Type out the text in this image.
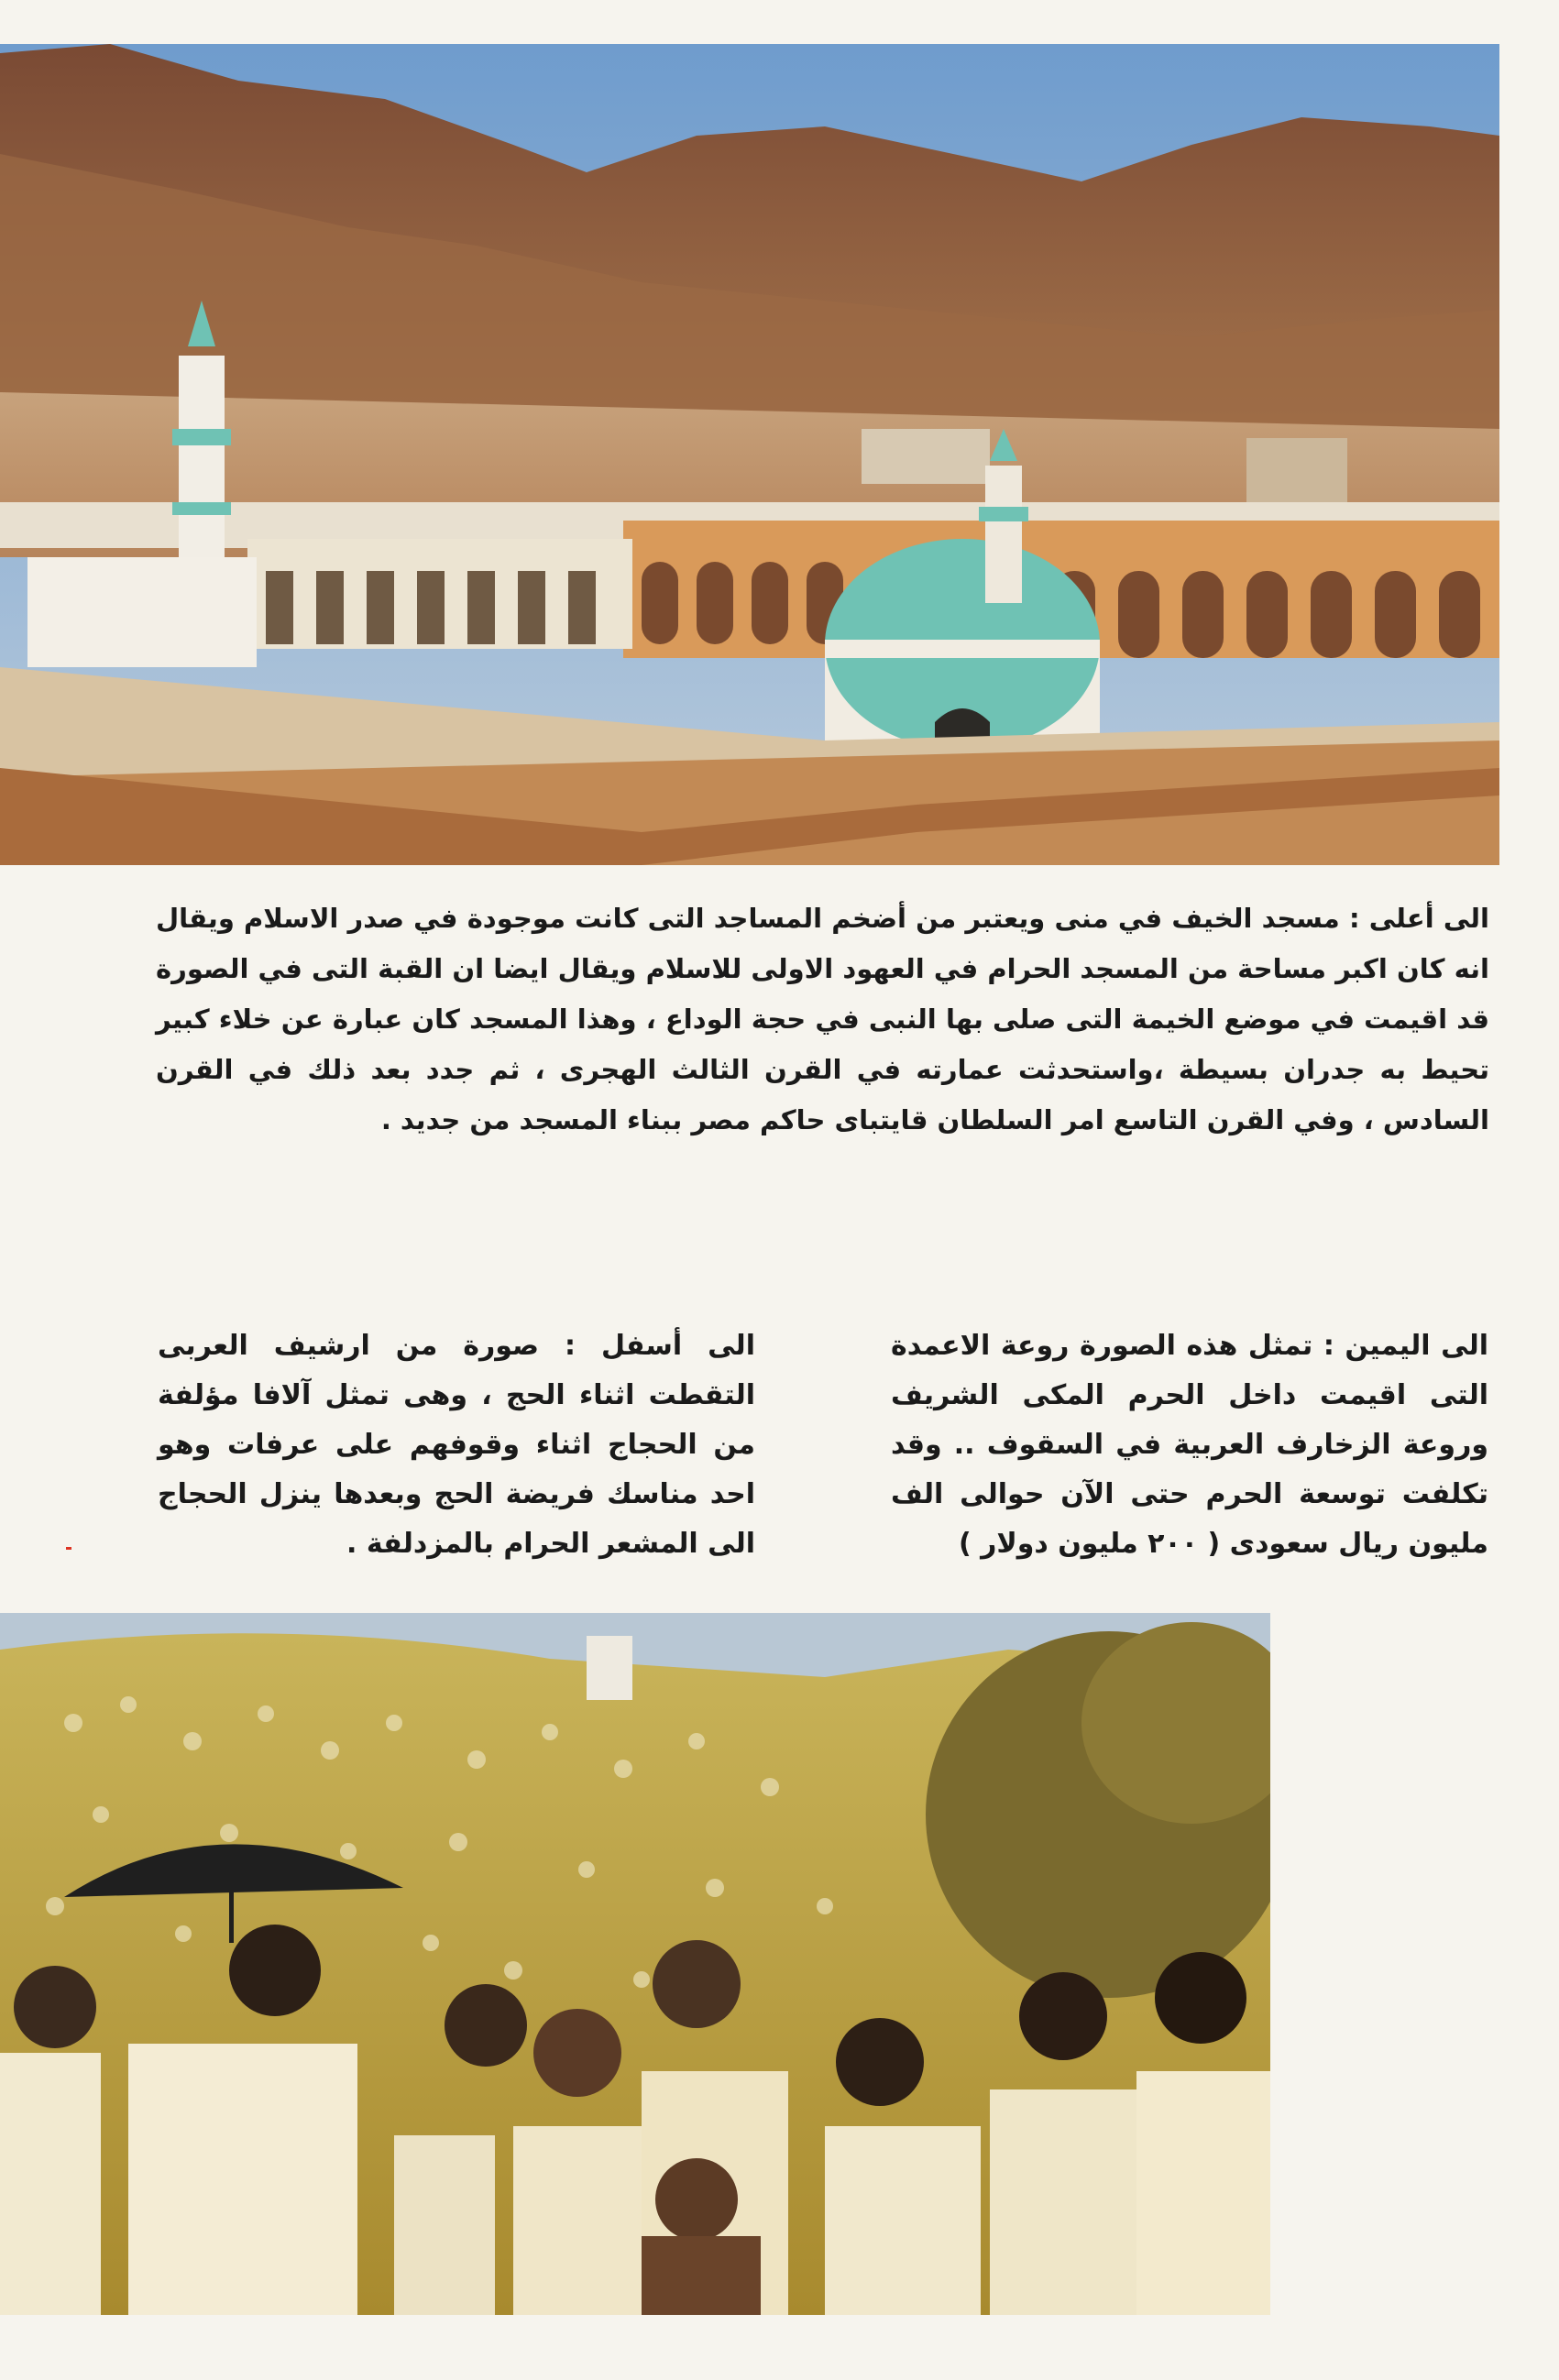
الى أعلى : مسجد الخيف في منى ويعتبر من أضخم المساجد التى كانت موجودة في صدر الاسلام ويقال انه كان اكبر مساحة من المسجد الحرام في العهود الاولى للاسلام ويقال ايضا ان القبة التى في الصورة قد اقيمت في موضع الخيمة التى صلى بها النبى في حجة الوداع ، وهذا المسجد كان عبارة عن خلاء كبير تحيط به جدران بسيطة ،واستحدثت عمارته في القرن الثالث الهجرى ، ثم جدد بعد ذلك في القرن السادس ، وفي القرن التاسع امر السلطان قايتباى حاكم مصر ببناء المسجد من جديد .
الى اليمين : تمثل هذه الصورة روعة الاعمدة التى اقيمت داخل الحرم المكى الشريف وروعة الزخارف العربية في السقوف .. وقد تكلفت توسعة الحرم حتى الآن حوالى الف مليون ريال سعودى ( ٢٠٠ مليون دولار )
الى أسفل : صورة من ارشيف العربى التقطت اثناء الحج ، وهى تمثل آلافا مؤلفة من الحجاج اثناء وقوفهم على عرفات وهو احد مناسك فريضة الحج وبعدها ينزل الحجاج الى المشعر الحرام بالمزدلفة .
